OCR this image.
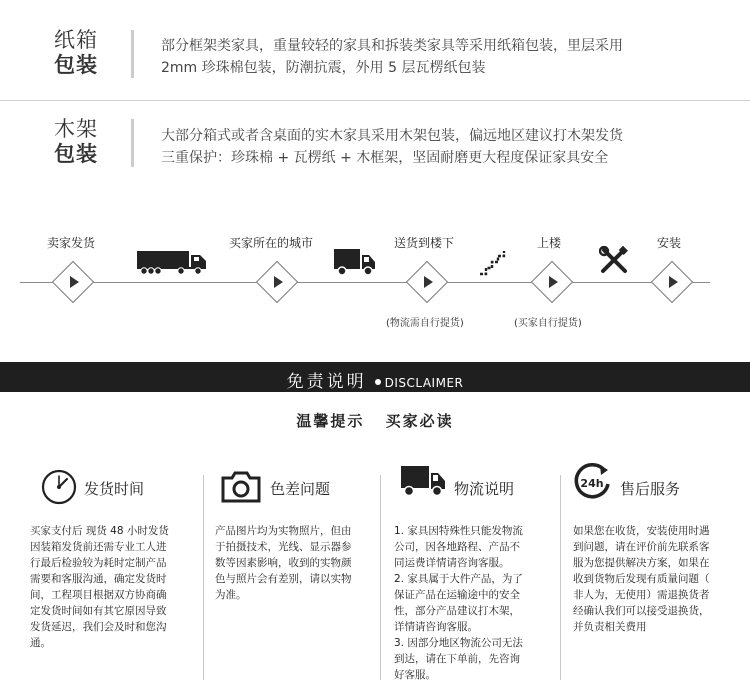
纸箱
包装
部分框架类家具，重量较轻的家具和拆装类家具等采用纸箱包装，里层采用
2mm 珍珠棉包装，防潮抗震，外用 5 层瓦楞纸包装
木架
包装
大部分箱式或者含桌面的实木家具采用木架包装，偏远地区建议打木架发货
三重保护：珍珠棉 + 瓦楞纸 + 木框架，坚固耐磨更大程度保证家具安全
卖家发货	买家所在的城市	送货到楼下	上楼	安装
(物流需自行提货)	(买家自行提货)
免责说明 DISCLAIMER
温馨提示 买家必读
发货时间

买家支付后 现货 48 小时发货

因装箱发货前还需专业工人进

行最后检验较为耗时定制产品

需要和客服沟通，确定发货时

间，工程项目根据双方协商确

定发货时间如有其它原因导致

发货延迟，我们会及时和您沟

通。

色差问题

产品图片均为实物照片，但由

于拍摄技术，光线、显示器参

数等因素影响，收到的实物颜

色与照片会有差别，请以实物

为准。

物流说明

1. 家具因特殊性只能发物流

公司，因各地路程、产品不

同运费详情请咨询客服。

2. 家具属于大件产品，为了

保证产品在运输途中的安全

性，部分产品建议打木架，

详情请咨询客服。

3. 因部分地区物流公司无法

到达，请在下单前，先咨询

好客服。

24h 售后服务

如果您在收货，安装使用时遇

到问题，请在评价前先联系客

服为您提供解决方案，如果在

收到货物后发现有质量问题（

非人为，无使用）需退换货者

经确认我们可以接受退换货，

并负责相关费用
